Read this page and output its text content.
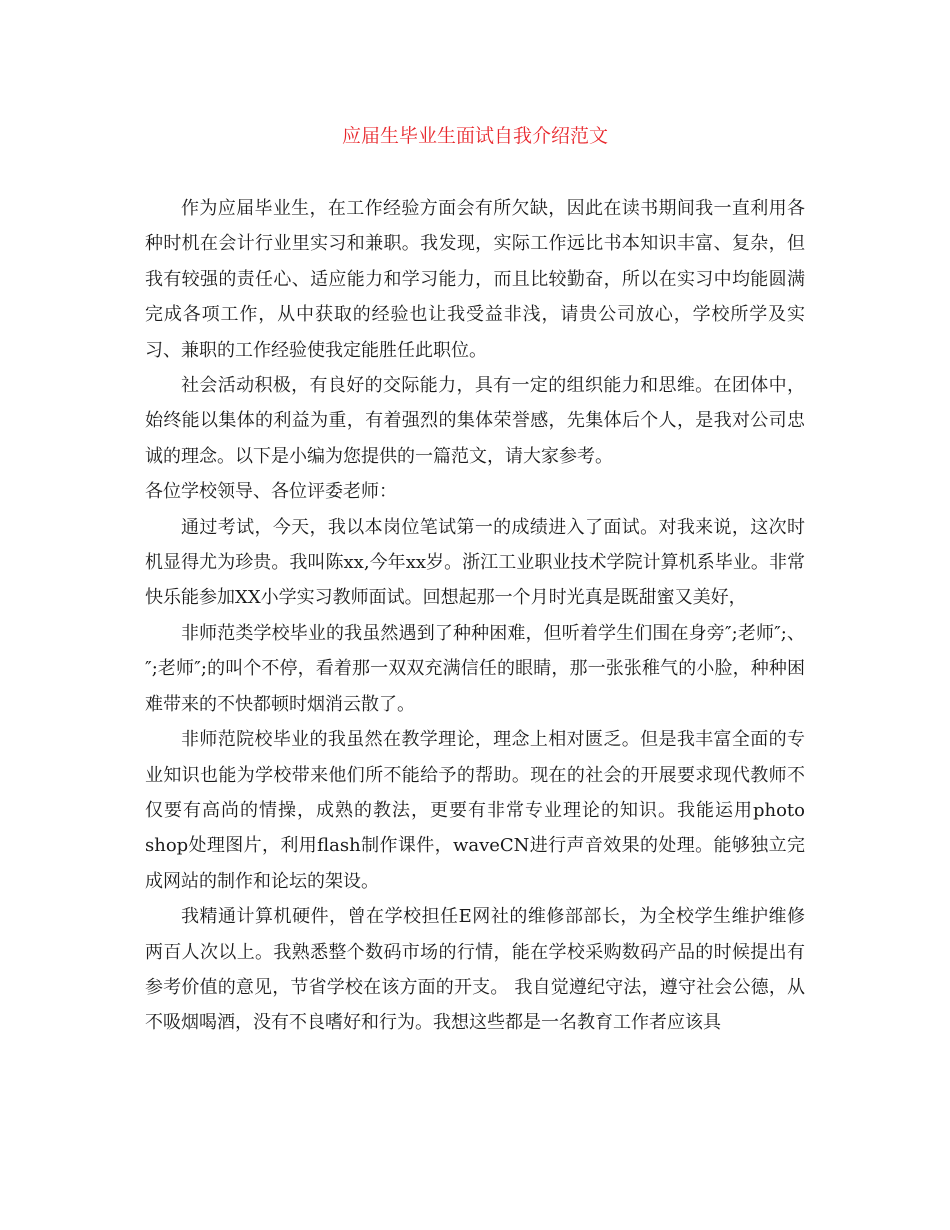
应届生毕业生面试自我介绍范文

作为应届毕业生，在工作经验方面会有所欠缺，因此在读书期间我一直利用各种时机在会计行业里实习和兼职。我发现，实际工作远比书本知识丰富、复杂，但我有较强的责任心、适应能力和学习能力，而且比较勤奋，所以在实习中均能圆满完成各项工作，从中获取的经验也让我受益非浅，请贵公司放心，学校所学及实习、兼职的工作经验使我定能胜任此职位。

社会活动积极，有良好的交际能力，具有一定的组织能力和思维。在团体中，始终能以集体的利益为重，有着强烈的集体荣誉感，先集体后个人，是我对公司忠诚的理念。以下是小编为您提供的一篇范文，请大家参考。

各位学校领导、各位评委老师：

通过考试，今天，我以本岗位笔试第一的成绩进入了面试。对我来说，这次时机显得尤为珍贵。我叫陈xx,今年xx岁。浙江工业职业技术学院计算机系毕业。非常快乐能参加XX小学实习教师面试。回想起那一个月时光真是既甜蜜又美好，

非师范类学校毕业的我虽然遇到了种种困难，但听着学生们围在身旁″;老师″;、″;老师″;的叫个不停，看着那一双双充满信任的眼睛，那一张张稚气的小脸，种种困难带来的不快都顿时烟消云散了。

非师范院校毕业的我虽然在教学理论，理念上相对匮乏。但是我丰富全面的专业知识也能为学校带来他们所不能给予的帮助。现在的社会的开展要求现代教师不仅要有高尚的情操，成熟的教法，更要有非常专业理论的知识。我能运用photo shop处理图片，利用flash制作课件，waveCN进行声音效果的处理。能够独立完成网站的制作和论坛的架设。

我精通计算机硬件，曾在学校担任E网社的维修部部长，为全校学生维护维修两百人次以上。我熟悉整个数码市场的行情，能在学校采购数码产品的时候提出有参考价值的意见，节省学校在该方面的开支。 我自觉遵纪守法，遵守社会公德，从不吸烟喝酒，没有不良嗜好和行为。我想这些都是一名教育工作者应该具
